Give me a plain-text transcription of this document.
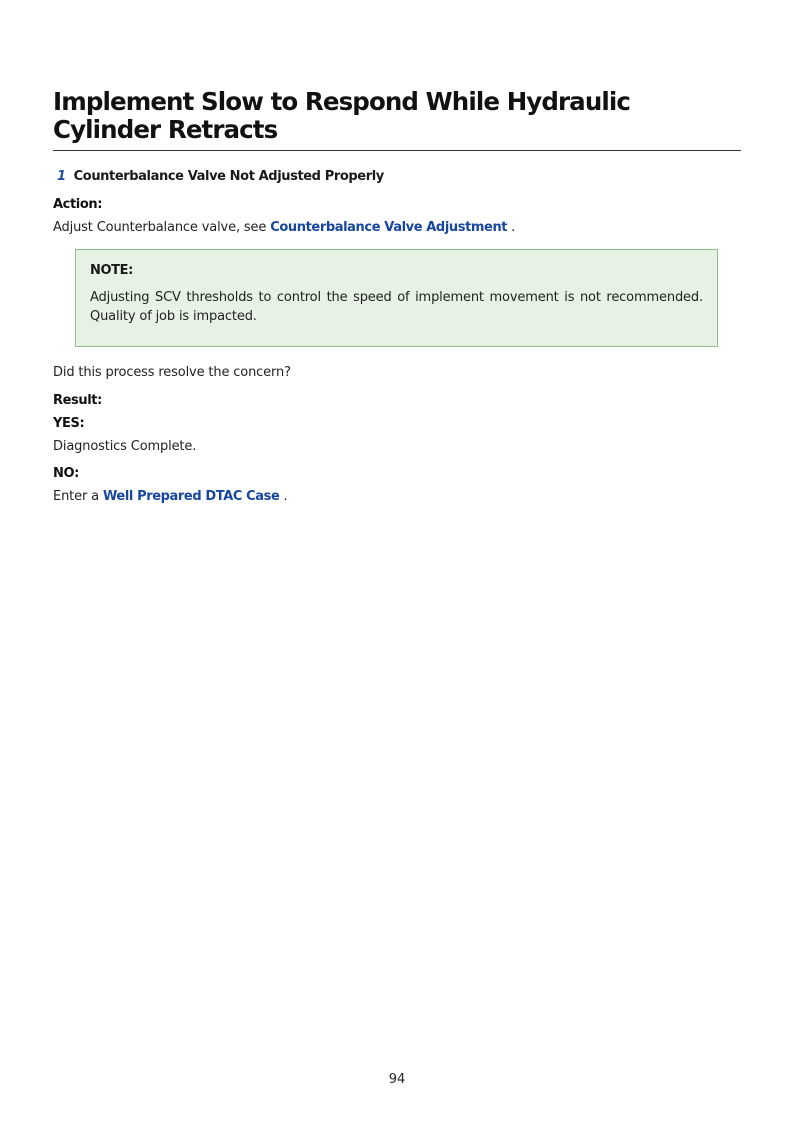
Implement Slow to Respond While Hydraulic Cylinder Retracts
1 Counterbalance Valve Not Adjusted Properly
Action:
Adjust Counterbalance valve, see Counterbalance Valve Adjustment .
NOTE:
Adjusting SCV thresholds to control the speed of implement movement is not recommended. Quality of job is impacted.
Did this process resolve the concern?
Result:
YES:
Diagnostics Complete.
NO:
Enter a Well Prepared DTAC Case .
94
